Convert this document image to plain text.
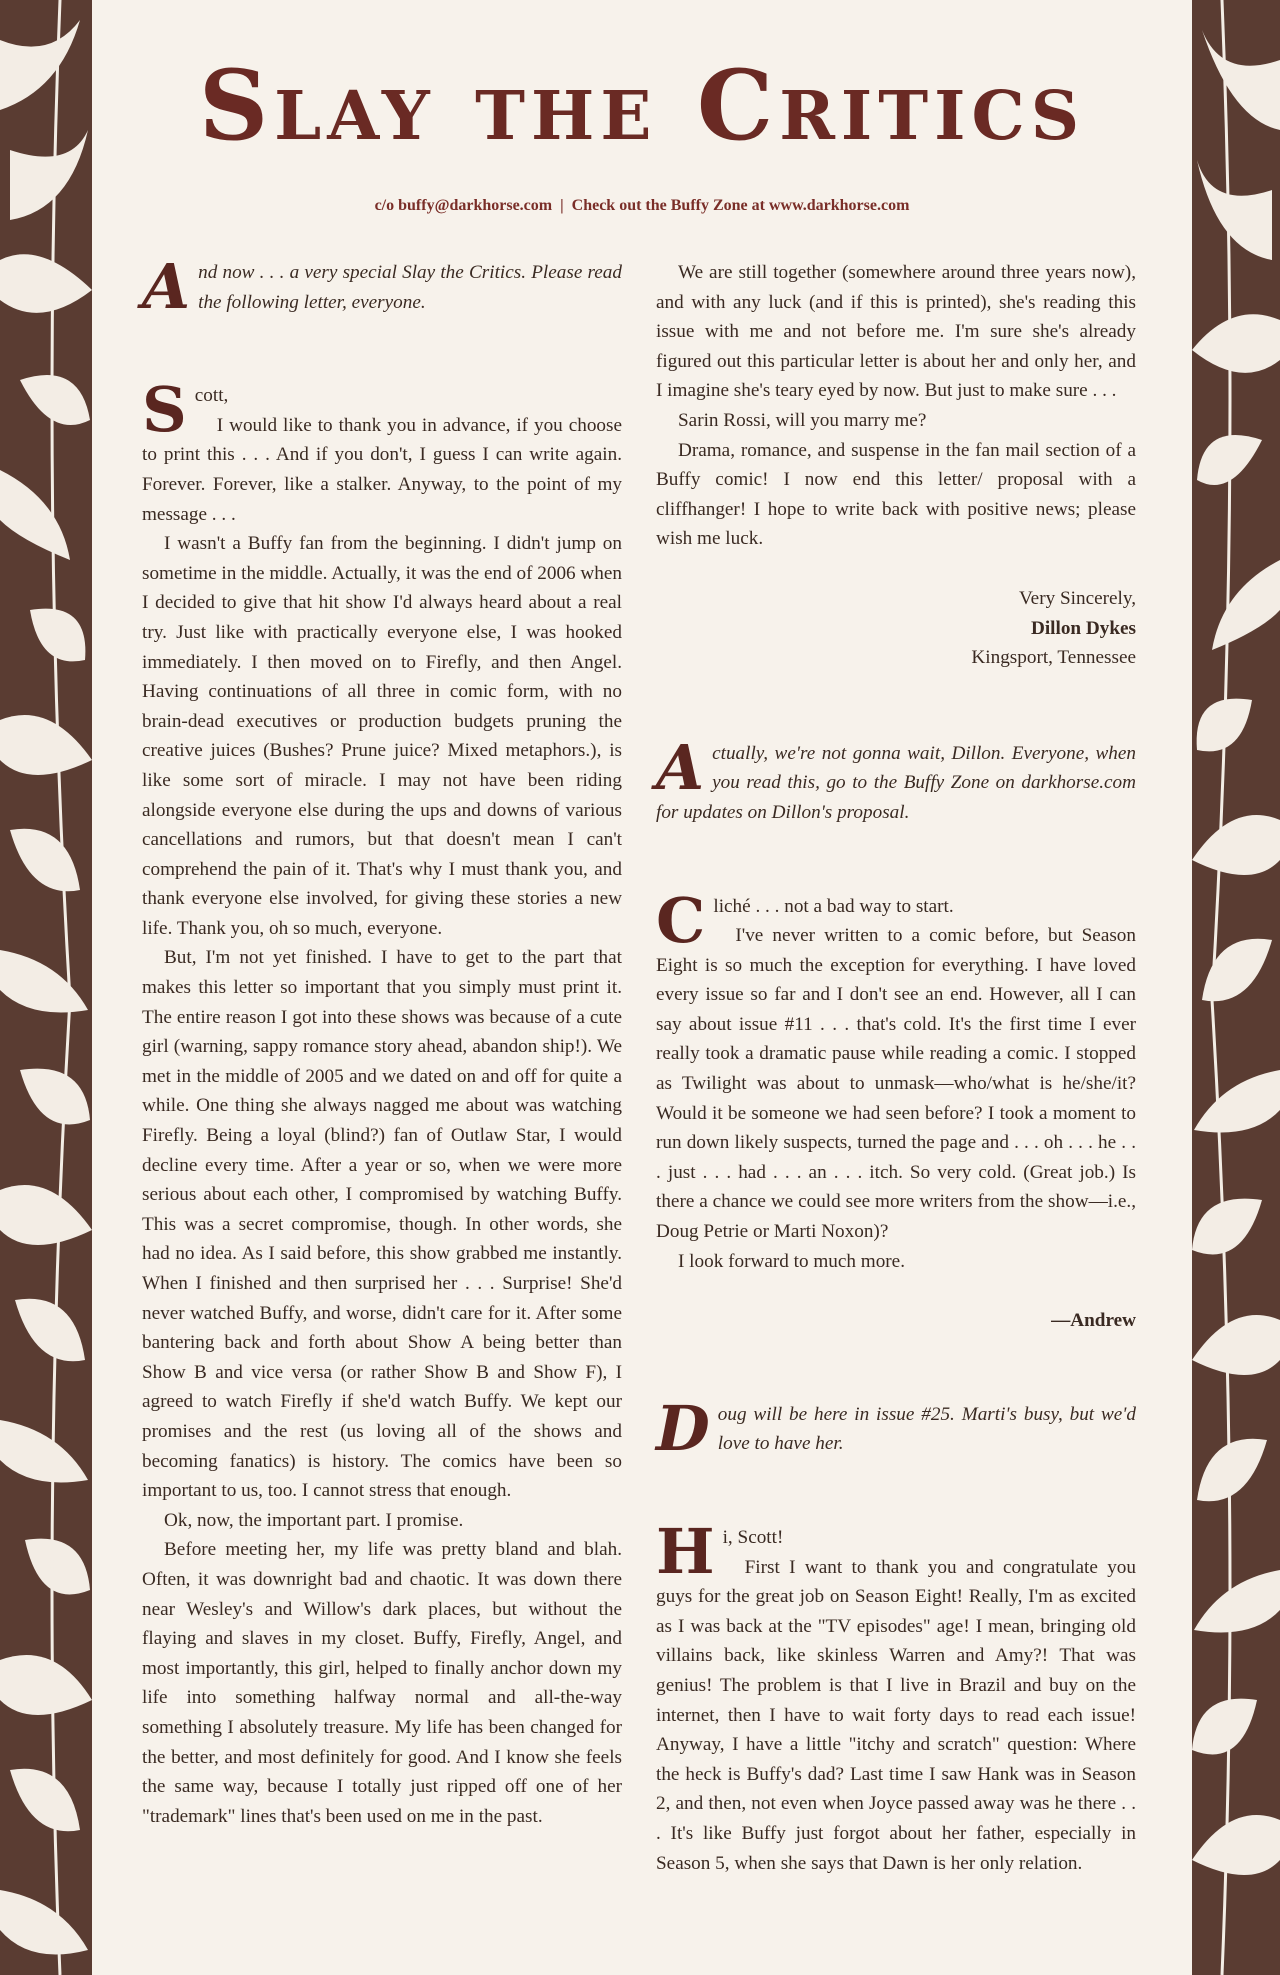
Slay the Critics
c/o buffy@darkhorse.com | Check out the Buffy Zone at www.darkhorse.com

And now . . . a very special Slay the Critics. Please read the following letter, everyone.

Scott,

I would like to thank you in advance, if you choose to print this . . . And if you don't, I guess I can write again. Forever. Forever, like a stalker. Anyway, to the point of my message . . .

I wasn't a Buffy fan from the beginning. I didn't jump on sometime in the middle. Actually, it was the end of 2006 when I decided to give that hit show I'd always heard about a real try. Just like with practically everyone else, I was hooked immediately. I then moved on to Firefly, and then Angel. Having continuations of all three in comic form, with no brain-dead executives or production budgets pruning the creative juices (Bushes? Prune juice? Mixed metaphors.), is like some sort of miracle. I may not have been riding alongside everyone else during the ups and downs of various cancellations and rumors, but that doesn't mean I can't comprehend the pain of it. That's why I must thank you, and thank everyone else involved, for giving these stories a new life. Thank you, oh so much, everyone.

But, I'm not yet finished. I have to get to the part that makes this letter so important that you simply must print it. The entire reason I got into these shows was because of a cute girl (warning, sappy romance story ahead, abandon ship!). We met in the middle of 2005 and we dated on and off for quite a while. One thing she always nagged me about was watching Firefly. Being a loyal (blind?) fan of Outlaw Star, I would decline every time. After a year or so, when we were more serious about each other, I compromised by watching Buffy. This was a secret compromise, though. In other words, she had no idea. As I said before, this show grabbed me instantly. When I finished and then surprised her . . . Surprise! She'd never watched Buffy, and worse, didn't care for it. After some bantering back and forth about Show A being better than Show B and vice versa (or rather Show B and Show F), I agreed to watch Firefly if she'd watch Buffy. We kept our promises and the rest (us loving all of the shows and becoming fanatics) is history. The comics have been so important to us, too. I cannot stress that enough.

Ok, now, the important part. I promise.

Before meeting her, my life was pretty bland and blah. Often, it was downright bad and chaotic. It was down there near Wesley's and Willow's dark places, but without the flaying and slaves in my closet. Buffy, Firefly, Angel, and most importantly, this girl, helped to finally anchor down my life into something halfway normal and all-the-way something I absolutely treasure. My life has been changed for the better, and most definitely for good. And I know she feels the same way, because I totally just ripped off one of her "trademark" lines that's been used on me in the past.

We are still together (somewhere around three years now), and with any luck (and if this is printed), she's reading this issue with me and not before me. I'm sure she's already figured out this particular letter is about her and only her, and I imagine she's teary eyed by now. But just to make sure . . .

Sarin Rossi, will you marry me?

Drama, romance, and suspense in the fan mail section of a Buffy comic! I now end this letter/ proposal with a cliffhanger! I hope to write back with positive news; please wish me luck.

Very Sincerely,

Dillon Dykes

Kingsport, Tennessee

Actually, we're not gonna wait, Dillon. Everyone, when you read this, go to the Buffy Zone on darkhorse.com for updates on Dillon's proposal.

Cliché . . . not a bad way to start.

I've never written to a comic before, but Season Eight is so much the exception for everything. I have loved every issue so far and I don't see an end. However, all I can say about issue #11 . . . that's cold. It's the first time I ever really took a dramatic pause while reading a comic. I stopped as Twilight was about to unmask—who/what is he/she/it? Would it be someone we had seen before? I took a moment to run down likely suspects, turned the page and . . . oh . . . he . . . just . . . had . . . an . . . itch. So very cold. (Great job.) Is there a chance we could see more writers from the show—i.e., Doug Petrie or Marti Noxon)?

I look forward to much more.

—Andrew

Doug will be here in issue #25. Marti's busy, but we'd love to have her.

Hi, Scott!

First I want to thank you and congratulate you guys for the great job on Season Eight! Really, I'm as excited as I was back at the "TV episodes" age! I mean, bringing old villains back, like skinless Warren and Amy?! That was genius! The problem is that I live in Brazil and buy on the internet, then I have to wait forty days to read each issue! Anyway, I have a little "itchy and scratch" question: Where the heck is Buffy's dad? Last time I saw Hank was in Season 2, and then, not even when Joyce passed away was he there . . . It's like Buffy just forgot about her father, especially in Season 5, when she says that Dawn is her only relation.
